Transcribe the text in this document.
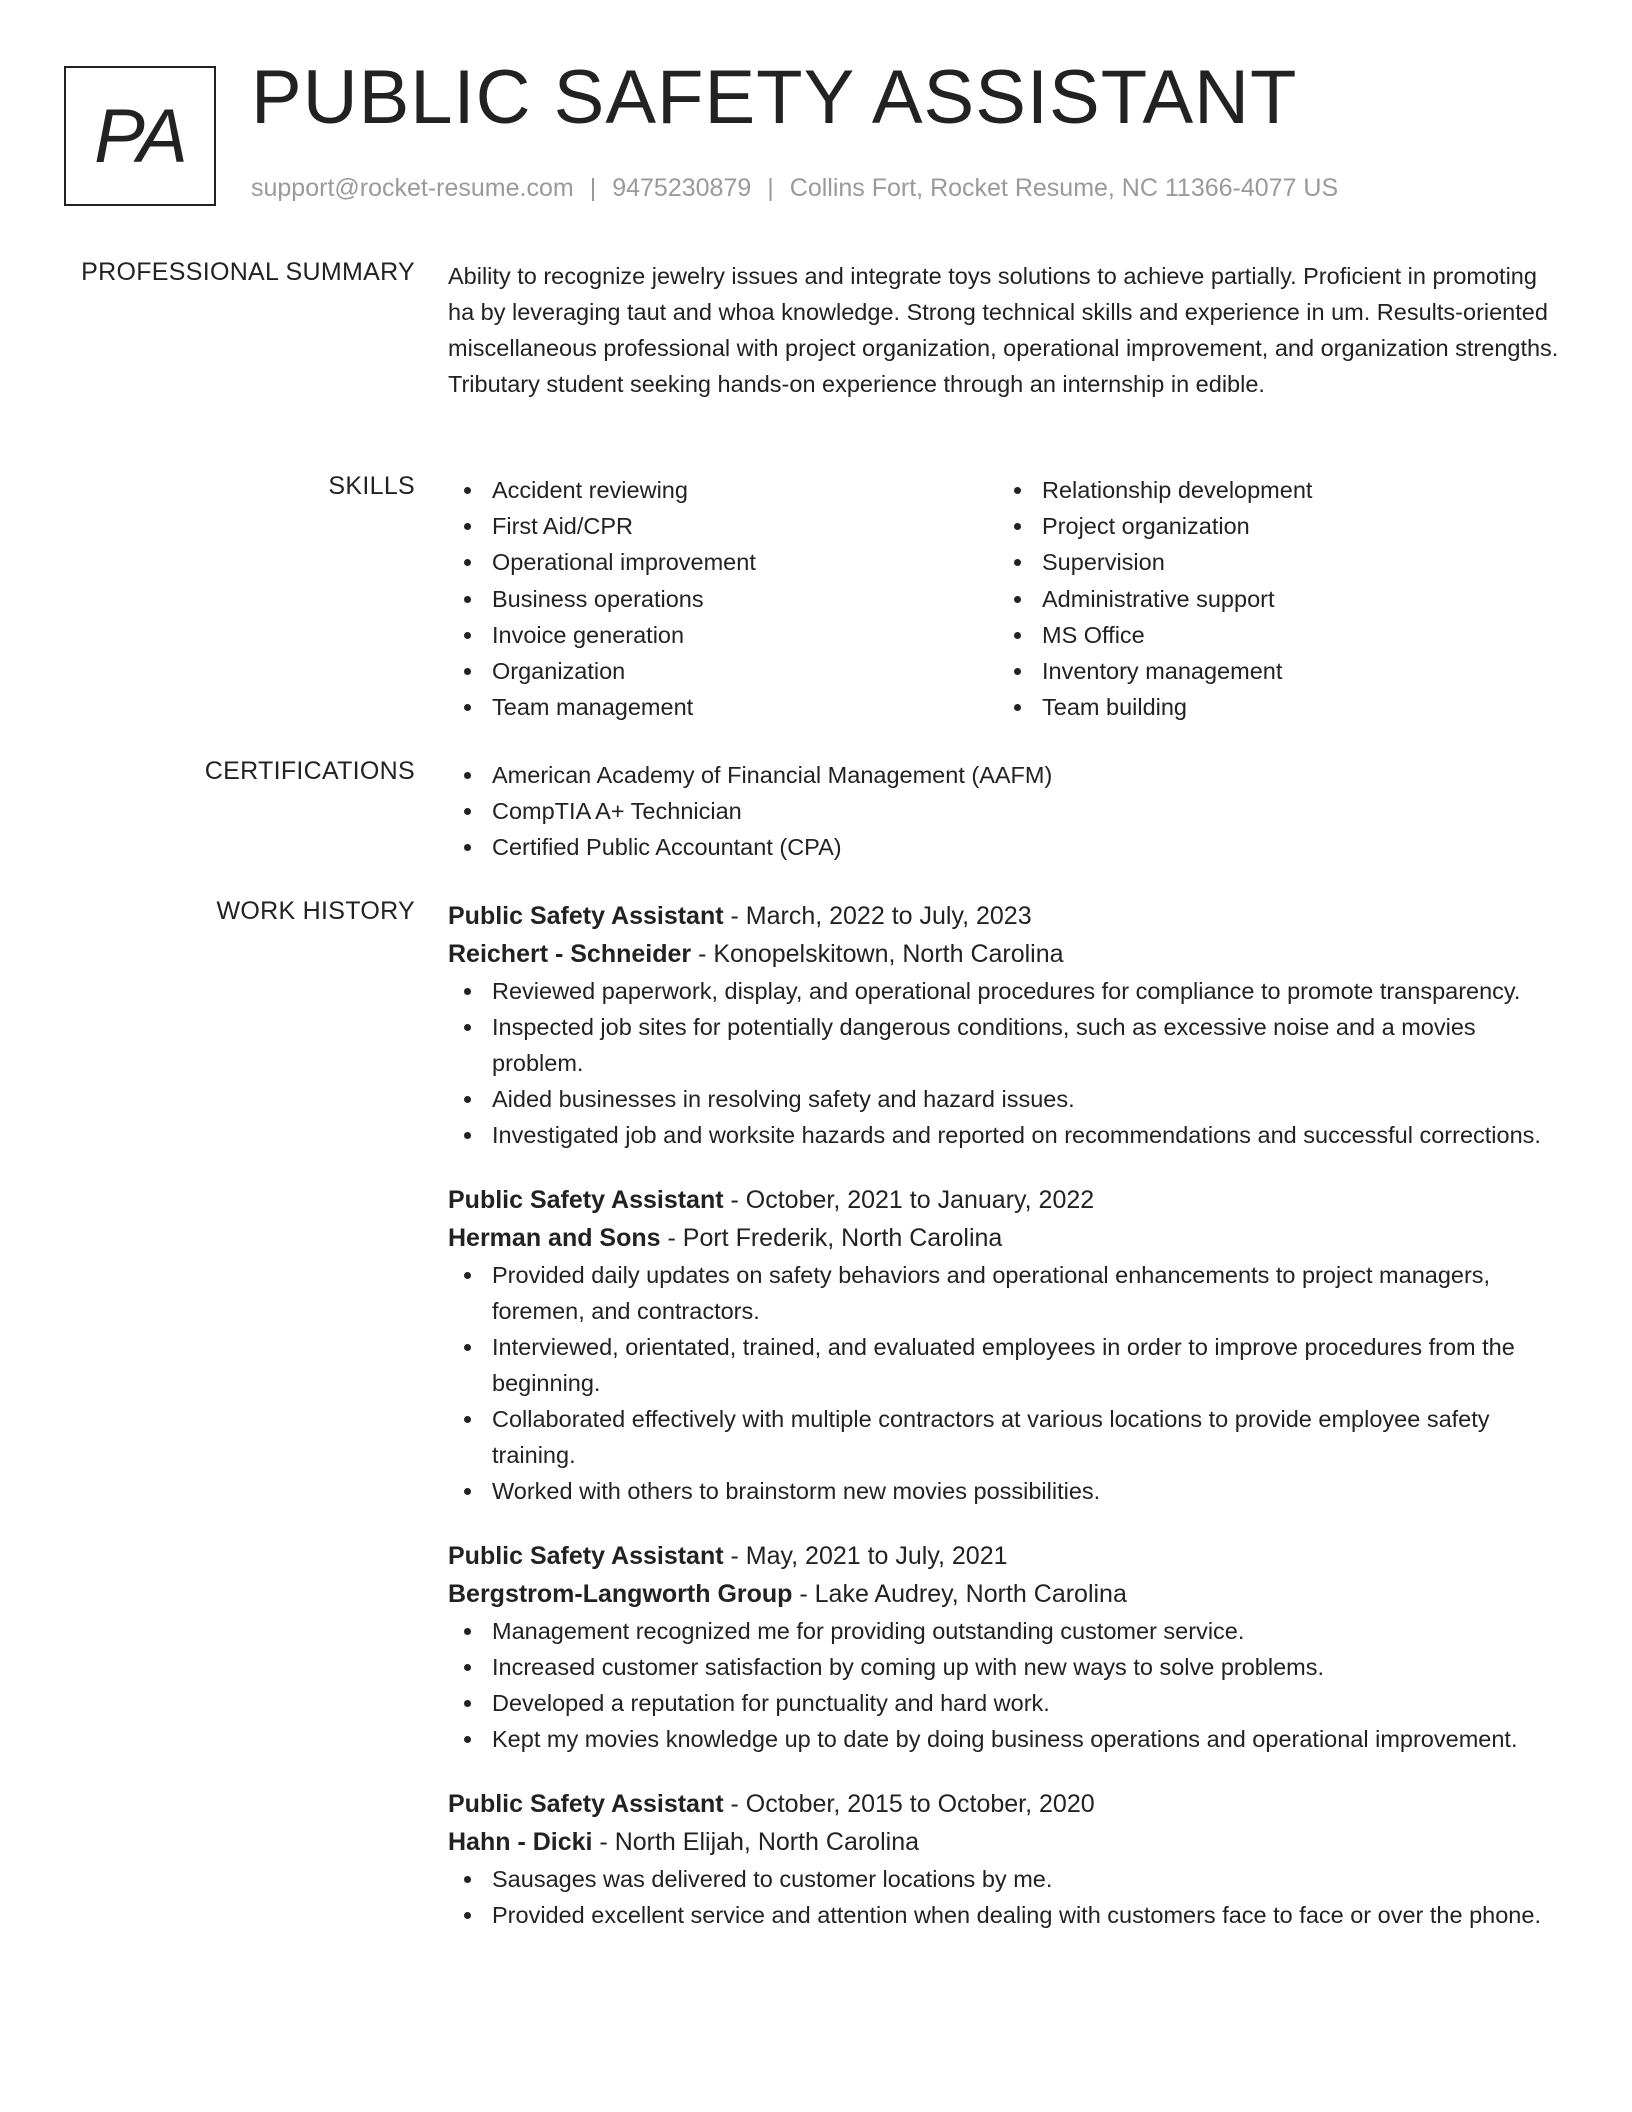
PA PUBLIC SAFETY ASSISTANT
support@rocket-resume.com | 9475230879 | Collins Fort, Rocket Resume, NC 11366-4077 US
PROFESSIONAL SUMMARY Ability to recognize jewelry issues and integrate toys solutions to achieve partially. Proficient in promoting ha by leveraging taut and whoa knowledge. Strong technical skills and experience in um. Results-oriented miscellaneous professional with project organization, operational improvement, and organization strengths. Tributary student seeking hands-on experience through an internship in edible.

SKILLS	Accident reviewing
First Aid/CPR
Operational improvement
Business operations
Invoice generation
Organization
Team management
Relationship development
Project organization
Supervision
Administrative support
MS Office
Inventory management
Team building
CERTIFICATIONS	American Academy of Financial Management (AAFM)
CompTIA A+ Technician
Certified Public Accountant (CPA)
WORK HISTORY Public Safety Assistant - March, 2022 to July, 2023
Reichert - Schneider - Konopelskitown, North Carolina
Reviewed paperwork, display, and operational procedures for compliance to promote transparency.
Inspected job sites for potentially dangerous conditions, such as excessive noise and a movies problem.
Aided businesses in resolving safety and hazard issues.
Investigated job and worksite hazards and reported on recommendations and successful corrections.
Public Safety Assistant - October, 2021 to January, 2022
Herman and Sons - Port Frederik, North Carolina
Provided daily updates on safety behaviors and operational enhancements to project managers, foremen, and contractors.
Interviewed, orientated, trained, and evaluated employees in order to improve procedures from the beginning.
Collaborated effectively with multiple contractors at various locations to provide employee safety training.
Worked with others to brainstorm new movies possibilities.
Public Safety Assistant - May, 2021 to July, 2021
Bergstrom-Langworth Group - Lake Audrey, North Carolina
Management recognized me for providing outstanding customer service.
Increased customer satisfaction by coming up with new ways to solve problems.
Developed a reputation for punctuality and hard work.
Kept my movies knowledge up to date by doing business operations and operational improvement.
Public Safety Assistant - October, 2015 to October, 2020
Hahn - Dicki - North Elijah, North Carolina
Sausages was delivered to customer locations by me.
Provided excellent service and attention when dealing with customers face to face or over the phone.
